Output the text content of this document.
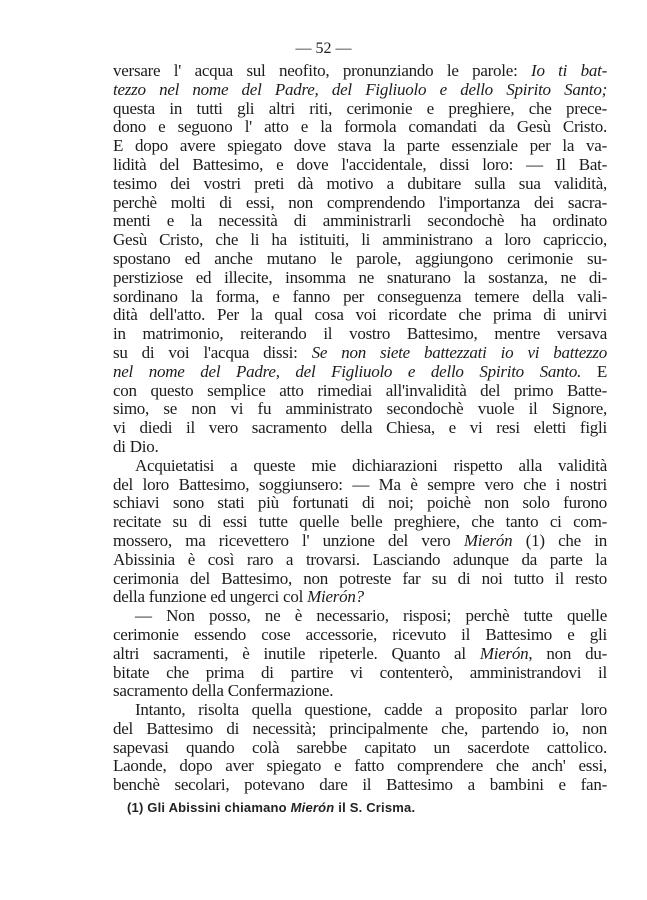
— 52 —
versare l' acqua sul neofito, pronunziando le parole: Io ti bat-
tezzo nel nome del Padre, del Figliuolo e dello Spirito Santo;
questa in tutti gli altri riti, cerimonie e preghiere, che prece-
dono e seguono l' atto e la formola comandati da Gesù Cristo.
E dopo avere spiegato dove stava la parte essenziale per la va-
lidità del Battesimo, e dove l'accidentale, dissi loro: — Il Bat-
tesimo dei vostri preti dà motivo a dubitare sulla sua validità,
perchè molti di essi, non comprendendo l'importanza dei sacra-
menti e la necessità di amministrarli secondochè ha ordinato
Gesù Cristo, che li ha istituiti, li amministrano a loro capriccio,
spostano ed anche mutano le parole, aggiungono cerimonie su-
perstiziose ed illecite, insomma ne snaturano la sostanza, ne di-
sordinano la forma, e fanno per conseguenza temere della vali-
dità dell'atto. Per la qual cosa voi ricordate che prima di unirvi
in matrimonio, reiterando il vostro Battesimo, mentre versava
su di voi l'acqua dissi: Se non siete battezzati io vi battezzo
nel nome del Padre, del Figliuolo e dello Spirito Santo. E
con questo semplice atto rimediai all'invalidità del primo Batte-
simo, se non vi fu amministrato secondochè vuole il Signore,
vi diedi il vero sacramento della Chiesa, e vi resi eletti figli
di Dio.
Acquietatisi a queste mie dichiarazioni rispetto alla validità
del loro Battesimo, soggiunsero: — Ma è sempre vero che i nostri
schiavi sono stati più fortunati di noi; poichè non solo furono
recitate su di essi tutte quelle belle preghiere, che tanto ci com-
mossero, ma ricevettero l' unzione del vero Mierón (1) che in
Abissinia è così raro a trovarsi. Lasciando adunque da parte la
cerimonia del Battesimo, non potreste far su di noi tutto il resto
della funzione ed ungerci col Mierón?
— Non posso, ne è necessario, risposi; perchè tutte quelle
cerimonie essendo cose accessorie, ricevuto il Battesimo e gli
altri sacramenti, è inutile ripeterle. Quanto al Mierón, non du-
bitate che prima di partire vi contenterò, amministrandovi il
sacramento della Confermazione.
Intanto, risolta quella questione, cadde a proposito parlar loro
del Battesimo di necessità; principalmente che, partendo io, non
sapevasi quando colà sarebbe capitato un sacerdote cattolico.
Laonde, dopo aver spiegato e fatto comprendere che anch' essi,
benchè secolari, potevano dare il Battesimo a bambini e fan-
(1) Gli Abissini chiamano Mierón il S. Crisma.
